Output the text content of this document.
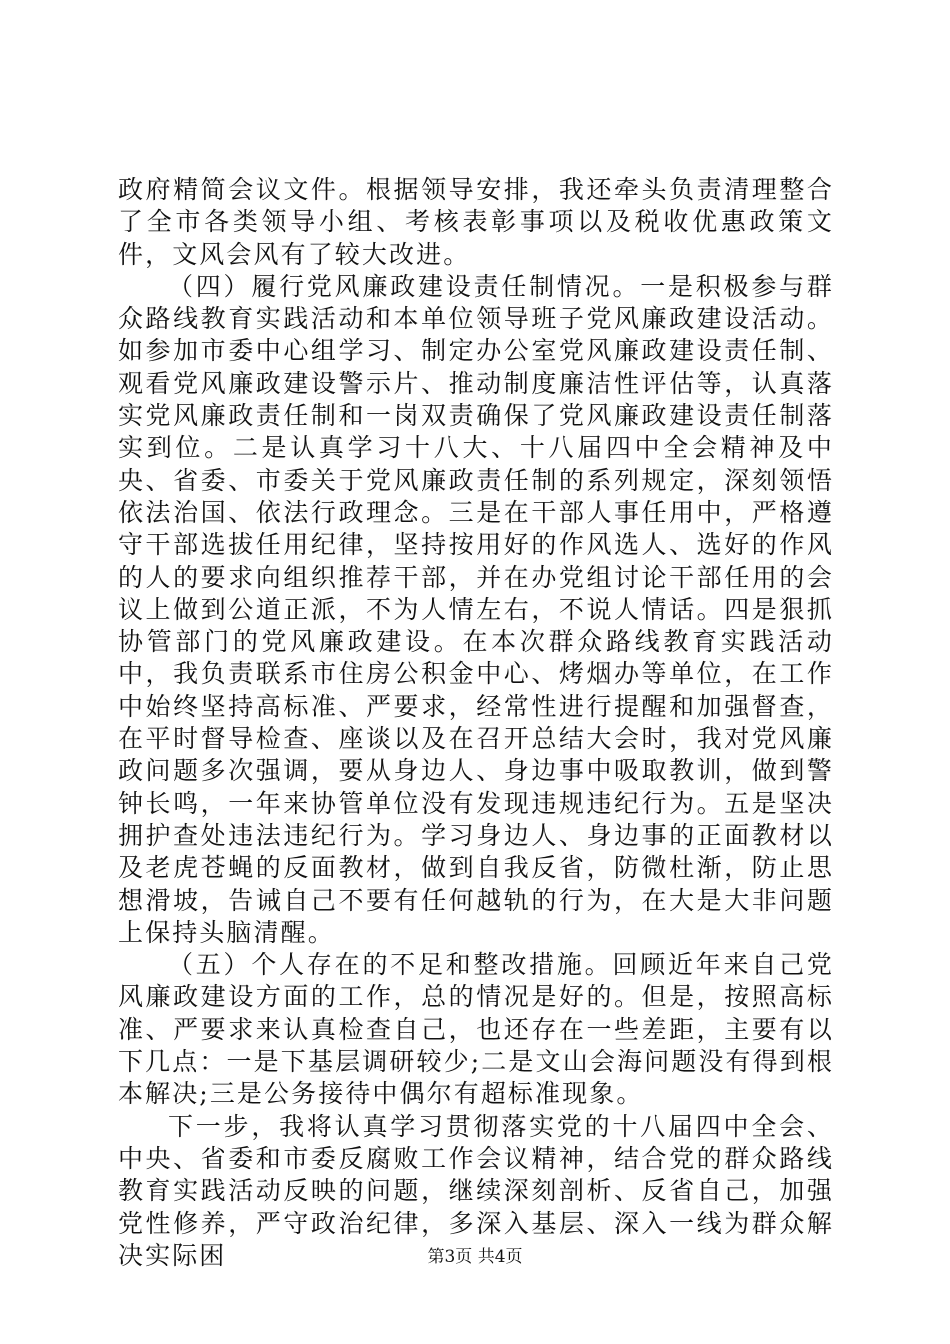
政府精简会议文件。根据领导安排，我还牵头负责清理整合了全市各类领导小组、考核表彰事项以及税收优惠政策文件，文风会风有了较大改进。

（四）履行党风廉政建设责任制情况。一是积极参与群众路线教育实践活动和本单位领导班子党风廉政建设活动。如参加市委中心组学习、制定办公室党风廉政建设责任制、观看党风廉政建设警示片、推动制度廉洁性评估等，认真落实党风廉政责任制和一岗双责确保了党风廉政建设责任制落实到位。二是认真学习十八大、十八届四中全会精神及中央、省委、市委关于党风廉政责任制的系列规定，深刻领悟依法治国、依法行政理念。三是在干部人事任用中，严格遵守干部选拔任用纪律，坚持按用好的作风选人、选好的作风的人的要求向组织推荐干部，并在办党组讨论干部任用的会议上做到公道正派，不为人情左右，不说人情话。四是狠抓协管部门的党风廉政建设。在本次群众路线教育实践活动中，我负责联系市住房公积金中心、烤烟办等单位，在工作中始终坚持高标准、严要求，经常性进行提醒和加强督查，在平时督导检查、座谈以及在召开总结大会时，我对党风廉政问题多次强调，要从身边人、身边事中吸取教训，做到警钟长鸣，一年来协管单位没有发现违规违纪行为。五是坚决拥护查处违法违纪行为。学习身边人、身边事的正面教材以及老虎苍蝇的反面教材，做到自我反省，防微杜渐，防止思想滑坡，告诫自己不要有任何越轨的行为，在大是大非问题上保持头脑清醒。

（五）个人存在的不足和整改措施。回顾近年来自己党风廉政建设方面的工作，总的情况是好的。但是，按照高标准、严要求来认真检查自己，也还存在一些差距，主要有以下几点：一是下基层调研较少;二是文山会海问题没有得到根本解决;三是公务接待中偶尔有超标准现象。

下一步，我将认真学习贯彻落实党的十八届四中全会、中央、省委和市委反腐败工作会议精神，结合党的群众路线教育实践活动反映的问题，继续深刻剖析、反省自己，加强党性修养，严守政治纪律，多深入基层、深入一线为群众解决实际困	第3页 共4页
